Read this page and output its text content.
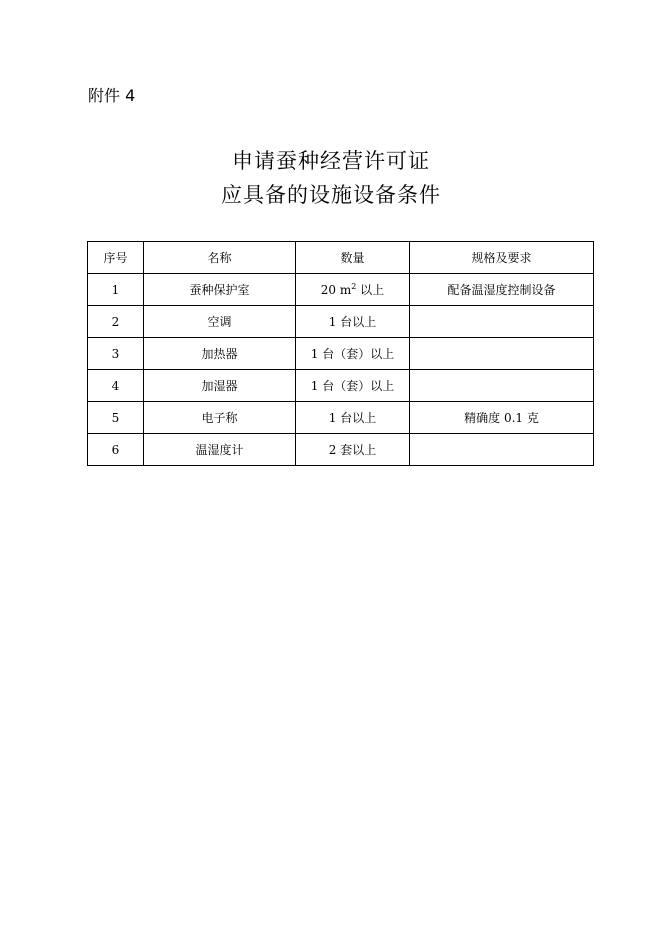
附件 4
申请蚕种经营许可证
应具备的设施设备条件
序号	名称	数量	规格及要求
1	蚕种保护室	20 $m^2$ 以上	配备温湿度控制设备
2	空调	1 台以上	
3	加热器	1 台（套）以上	
4	加湿器	1 台（套）以上	
5	电子称	1 台以上	精确度 0.1 克
6	温湿度计	2 套以上	
